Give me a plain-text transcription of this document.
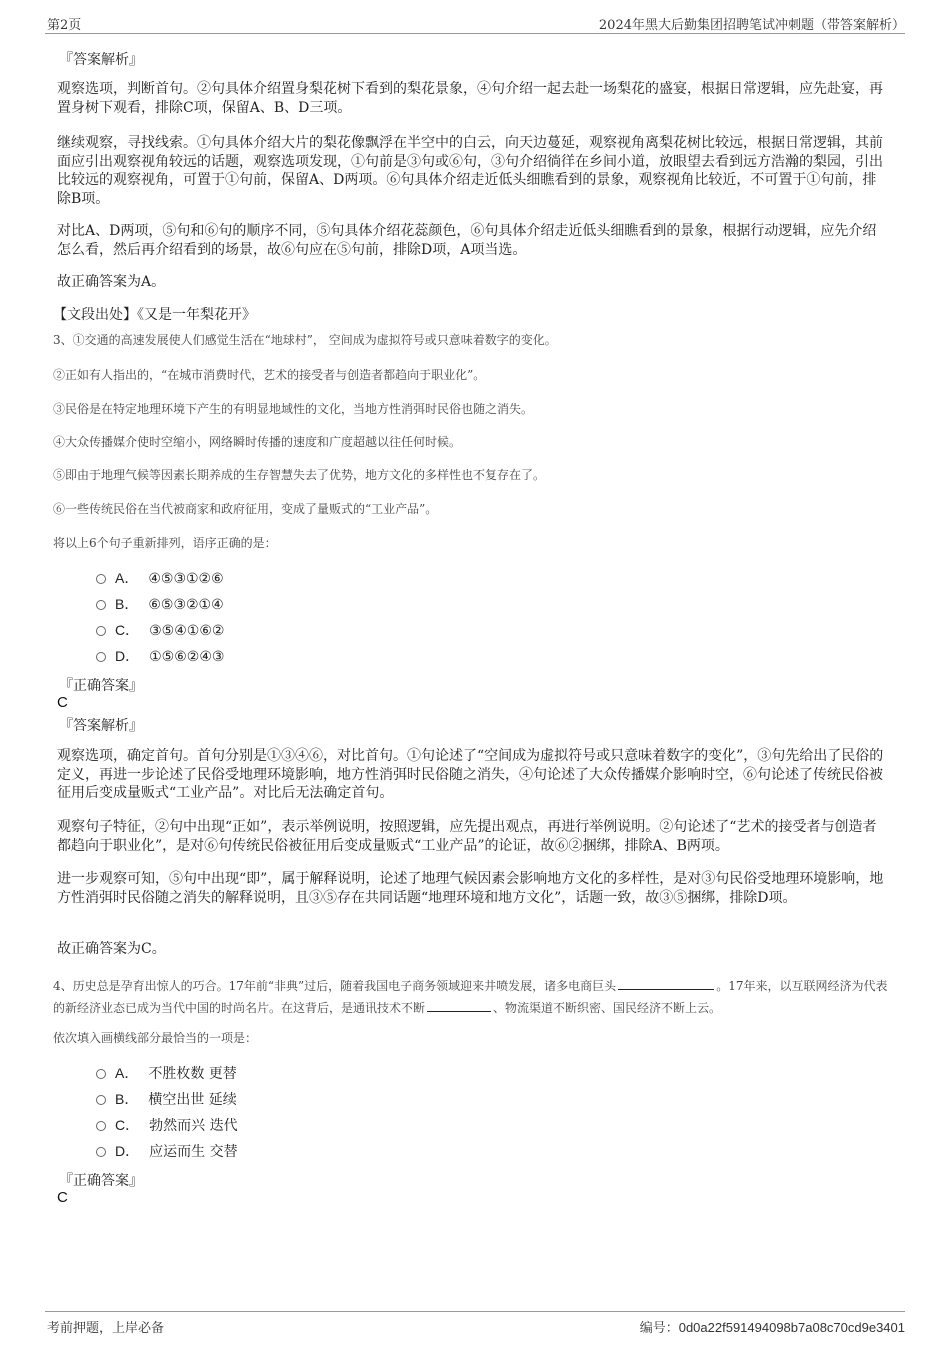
第2页	2024年黑大后勤集团招聘笔试冲刺题（带答案解析）
『答案解析』
观察选项，判断首句。②句具体介绍置身梨花树下看到的梨花景象，④句介绍一起去赴一场梨花的盛宴，根据日常逻辑，应先赴宴，再置身树下观看，排除C项，保留A、B、D三项。
继续观察，寻找线索。①句具体介绍大片的梨花像飘浮在半空中的白云，向天边蔓延，观察视角离梨花树比较远，根据日常逻辑，其前面应引出观察视角较远的话题，观察选项发现，①句前是③句或⑥句，③句介绍徜徉在乡间小道，放眼望去看到远方浩瀚的梨园，引出比较远的观察视角，可置于①句前，保留A、D两项。⑥句具体介绍走近低头细瞧看到的景象，观察视角比较近，不可置于①句前，排除B项。
对比A、D两项，⑤句和⑥句的顺序不同，⑤句具体介绍花蕊颜色，⑥句具体介绍走近低头细瞧看到的景象，根据行动逻辑，应先介绍怎么看，然后再介绍看到的场景，故⑥句应在⑤句前，排除D项，A项当选。
故正确答案为A。
【文段出处】《又是一年梨花开》
3、①交通的高速发展使人们感觉生活在“地球村”， 空间成为虚拟符号或只意味着数字的变化。
②正如有人指出的，“在城市消费时代，艺术的接受者与创造者都趋向于职业化”。
③民俗是在特定地理环境下产生的有明显地域性的文化，当地方性消弭时民俗也随之消失。
④大众传播媒介使时空缩小，网络瞬时传播的速度和广度超越以往任何时候。
⑤即由于地理气候等因素长期养成的生存智慧失去了优势，地方文化的多样性也不复存在了。
⑥一些传统民俗在当代被商家和政府征用，变成了量贩式的“工业产品”。
将以上6个句子重新排列，语序正确的是：
A． ④⑤③①②⑥
B． ⑥⑤③②①④
C． ③⑤④①⑥②
D． ①⑤⑥②④③
『正确答案』
C
『答案解析』
观察选项，确定首句。首句分别是①③④⑥，对比首句。①句论述了“空间成为虚拟符号或只意味着数字的变化”，③句先给出了民俗的定义，再进一步论述了民俗受地理环境影响，地方性消弭时民俗随之消失，④句论述了大众传播媒介影响时空，⑥句论述了传统民俗被征用后变成量贩式“工业产品”。对比后无法确定首句。
观察句子特征，②句中出现“正如”，表示举例说明，按照逻辑，应先提出观点，再进行举例说明。②句论述了“艺术的接受者与创造者都趋向于职业化”，是对⑥句传统民俗被征用后变成量贩式“工业产品”的论证，故⑥②捆绑，排除A、B两项。
进一步观察可知，⑤句中出现“即”，属于解释说明，论述了地理气候因素会影响地方文化的多样性，是对③句民俗受地理环境影响，地方性消弭时民俗随之消失的解释说明，且③⑤存在共同话题“地理环境和地方文化”，话题一致，故③⑤捆绑，排除D项。
故正确答案为C。
4、历史总是孕育出惊人的巧合。17年前“非典”过后，随着我国电子商务领域迎来井喷发展，诸多电商巨头	。17年来，以互联网经济为代表的新经济业态已成为当代中国的时尚名片。在这背后，是通讯技术不断	、物流渠道不断织密、国民经济不断上云。
依次填入画横线部分最恰当的一项是：
A． 不胜枚数 更替
B． 横空出世 延续
C． 勃然而兴 迭代
D． 应运而生 交替
『正确答案』
C
考前押题，上岸必备	编号：0d0a22f591494098b7a08c70cd9e3401
